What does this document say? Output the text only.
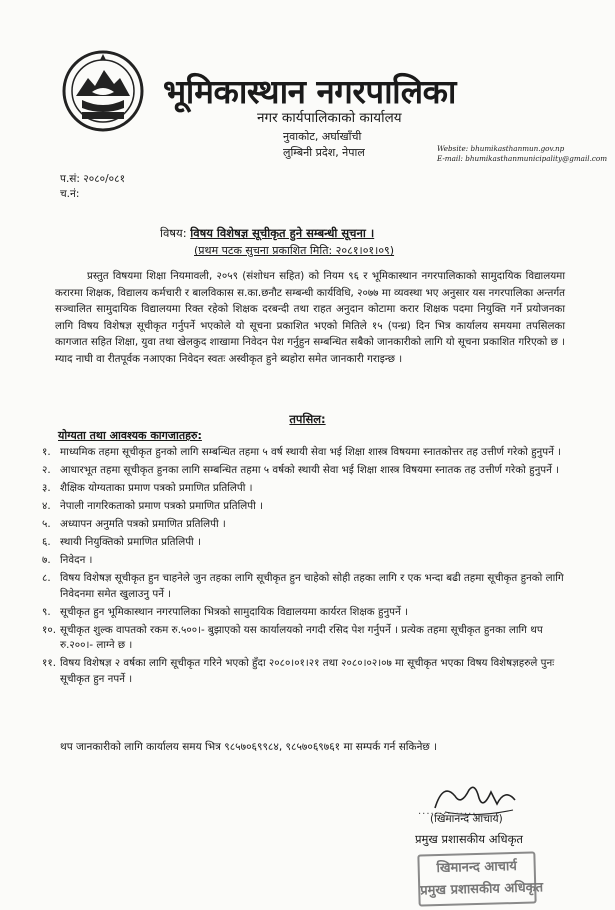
भूमिकास्थान नगरपालिका
नगर कार्यपालिकाको कार्यालय
नुवाकोट, अर्घाखाँची
लुम्बिनी प्रदेश, नेपाल	Website: bhumikasthanmun.gov.np
E-mail: bhumikasthanmunicipality@gmail.com
प.सं: २०८०/०८१
च.नं:
विषय: विषय विशेषज्ञ सूचीकृत हुने सम्बन्धी सूचना ।
(प्रथम पटक सुचना प्रकाशित मिति: २०८१।०१।०९)

प्रस्तुत विषयमा शिक्षा नियमावली, २०५९ (संशोधन सहित) को नियम ९६ र भूमिकास्थान नगरपालिकाको सामुदायिक विद्यालयमा करारमा शिक्षक, विद्यालय कर्मचारी र बालविकास स.का.छनौट सम्बन्धी कार्यविधि, २०७७ मा व्यवस्था भए अनुसार यस नगरपालिका अन्तर्गत सञ्चालित सामुदायिक विद्यालयमा रिक्त रहेको शिक्षक दरबन्दी तथा राहत अनुदान कोटामा करार शिक्षक पदमा नियुक्ति गर्ने प्रयोजनका लागि विषय विशेषज्ञ सूचीकृत गर्नुपर्ने भएकोले यो सूचना प्रकाशित भएको मितिले १५ (पन्ध्र) दिन भित्र कार्यालय समयमा तपसिलका कागजात सहित शिक्षा, युवा तथा खेलकुद शाखामा निवेदन पेश गर्नुहुन सम्बन्धित सबैको जानकारीको लागि यो सूचना प्रकाशित गरिएको छ । म्याद नाघी वा रीतपूर्वक नआएका निवेदन स्वतः अस्वीकृत हुने ब्यहोरा समेत जानकारी गराइन्छ ।

तपसिल:
योग्यता तथा आवश्यक कागजातहरु:
१. माध्यमिक तहमा सूचीकृत हुनको लागि सम्बन्धित तहमा ५ वर्ष स्थायी सेवा भई शिक्षा शास्त्र विषयमा स्नातकोत्तर तह उत्तीर्ण गरेको हुनुपर्ने ।
२. आधारभूत तहमा सूचीकृत हुनका लागि सम्बन्धित तहमा ५ वर्षको स्थायी सेवा भई शिक्षा शास्त्र विषयमा स्नातक तह उत्तीर्ण गरेको हुनुपर्ने ।
३. शैक्षिक योग्यताका प्रमाण पत्रको प्रमाणित प्रतिलिपी ।
४. नेपाली नागरिकताको प्रमाण पत्रको प्रमाणित प्रतिलिपी ।
५. अध्यापन अनुमति पत्रको प्रमाणित प्रतिलिपी ।
६. स्थायी नियुक्तिको प्रमाणित प्रतिलिपी ।
७. निवेदन ।
८. विषय विशेषज्ञ सूचीकृत हुन चाहनेले जुन तहका लागि सूचीकृत हुन चाहेको सोही तहका लागि र एक भन्दा बढी तहमा सूचीकृत हुनको लागि निवेदनमा समेत खुलाउनु पर्ने ।
९. सूचीकृत हुन भूमिकास्थान नगरपालिका भित्रको सामुदायिक विद्यालयमा कार्यरत शिक्षक हुनुपर्ने ।
१०. सूचीकृत शुल्क वापतको रकम रु.५००।- बुझाएको यस कार्यालयको नगदी रसिद पेश गर्नुपर्ने । प्रत्येक तहमा सूचीकृत हुनका लागि थप रु.२००।- लाग्ने छ ।
११. विषय विशेषज्ञ २ वर्षका लागि सूचीकृत गरिने भएको हुँदा २०८०।०१।२१ तथा २०८०।०२।०७ मा सूचीकृत भएका विषय विशेषज्ञहरुले पुनः सूचीकृत हुन नपर्ने ।
थप जानकारीको लागि कार्यालय समय भित्र ९८५७०६९९८४, ९८५७०६९७६१ मा सम्पर्क गर्न सकिनेछ ।
..............
(खिमानन्द आचार्य)
प्रमुख प्रशासकीय अधिकृत
खिमानन्द आचार्य
प्रमुख प्रशासकीय अधिकृत
